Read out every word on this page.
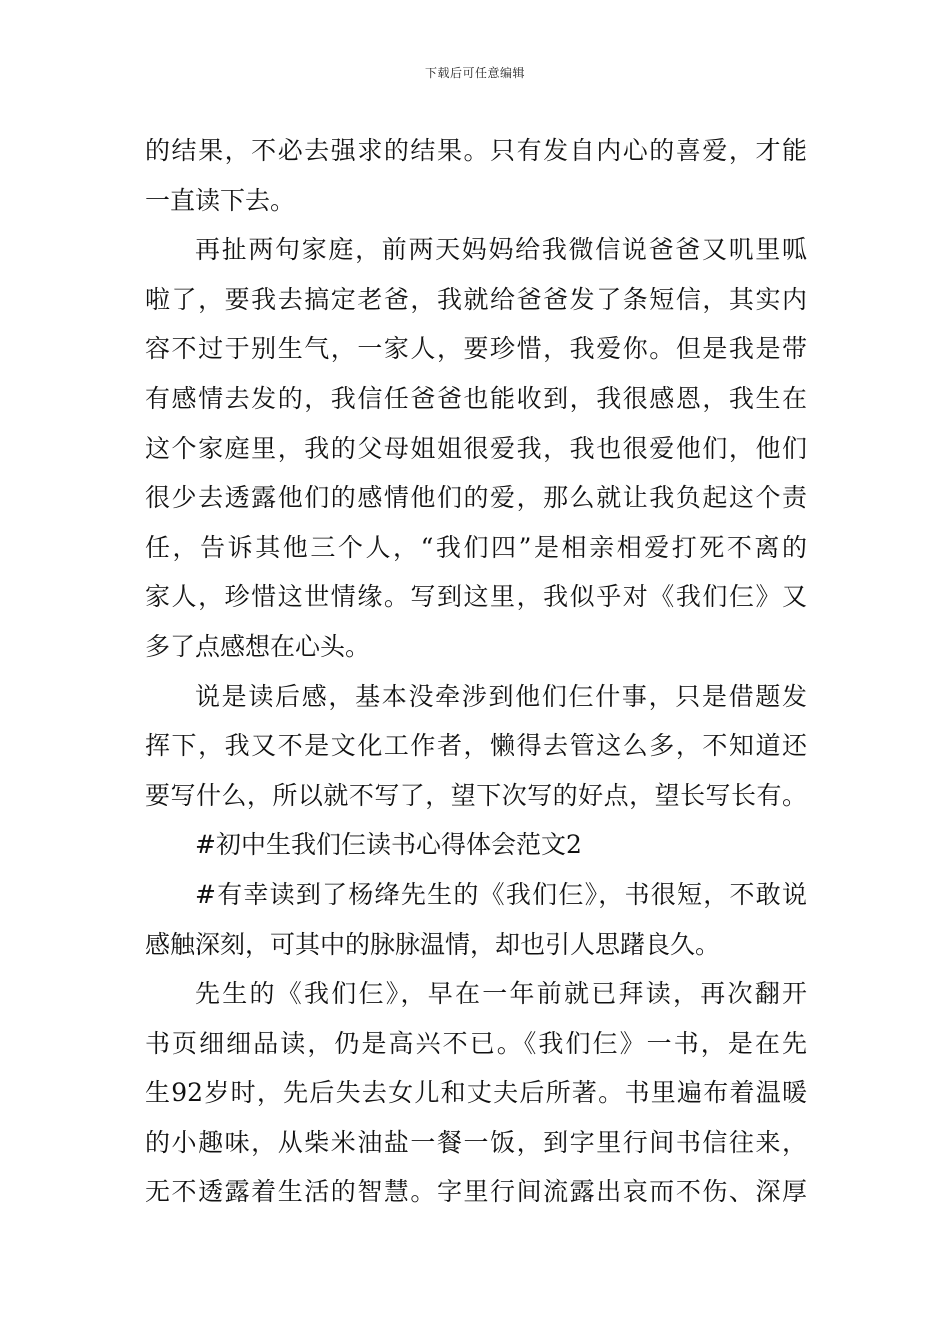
下载后可任意编辑
的结果，不必去强求的结果。只有发自内心的喜爱，才能
一直读下去。
再扯两句家庭，前两天妈妈给我微信说爸爸又叽里呱
啦了，要我去搞定老爸，我就给爸爸发了条短信，其实内
容不过于别生气，一家人，要珍惜，我爱你。但是我是带
有感情去发的，我信任爸爸也能收到，我很感恩，我生在
这个家庭里，我的父母姐姐很爱我，我也很爱他们，他们
很少去透露他们的感情他们的爱，那么就让我负起这个责
任，告诉其他三个人，“我们四”是相亲相爱打死不离的
家人，珍惜这世情缘。写到这里，我似乎对《我们仨》又
多了点感想在心头。
说是读后感，基本没牵涉到他们仨什事，只是借题发
挥下，我又不是文化工作者，懒得去管这么多，不知道还
要写什么，所以就不写了，望下次写的好点，望长写长有。
#初中生我们仨读书心得体会范文2
#有幸读到了杨绛先生的《我们仨》，书很短，不敢说
感触深刻，可其中的脉脉温情，却也引人思躇良久。
先生的《我们仨》，早在一年前就已拜读，再次翻开
书页细细品读，仍是高兴不已。《我们仨》一书，是在先
生92岁时，先后失去女儿和丈夫后所著。书里遍布着温暖
的小趣味，从柴米油盐一餐一饭，到字里行间书信往来，
无不透露着生活的智慧。字里行间流露出哀而不伤、深厚
